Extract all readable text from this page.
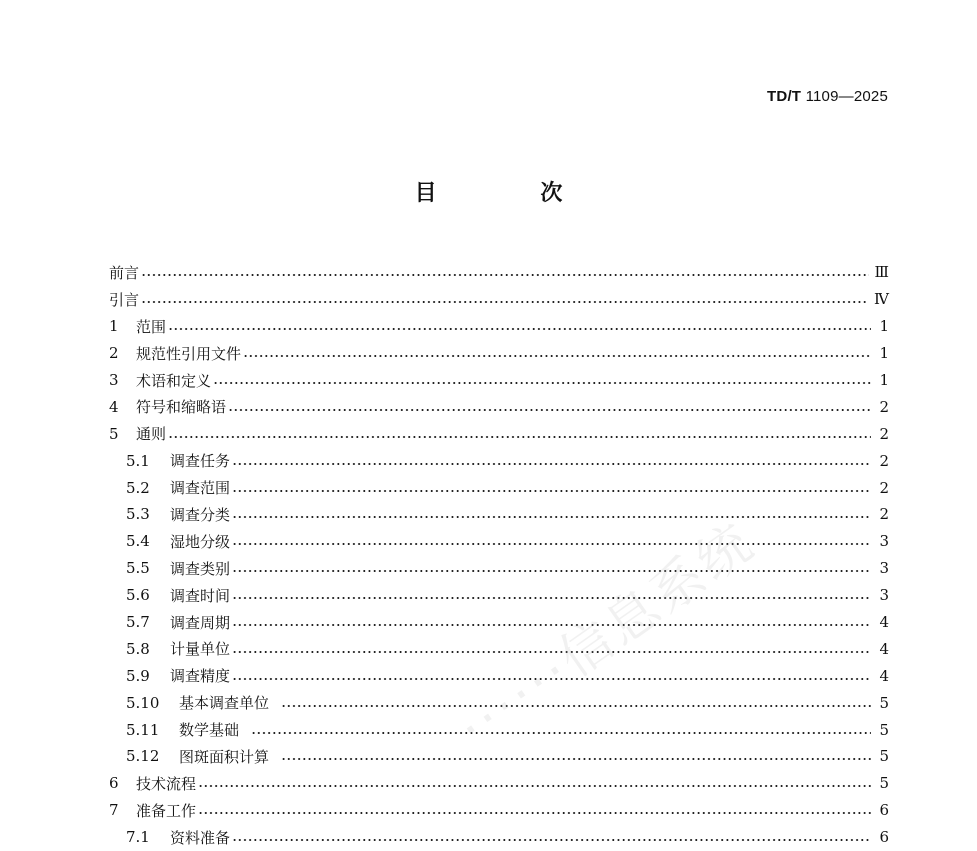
TD/T 1109—2025
目 次
前言	Ⅲ
引言	Ⅳ
1	范围	1
2	规范性引用文件	1
3	术语和定义	1
4	符号和缩略语	2
5	通则	2
5.1	调查任务	2
5.2	调查范围	2
5.3	调查分类	2
5.4	湿地分级	3
5.5	调查类别	3
5.6	调查时间	3
5.7	调查周期	4
5.8	计量单位	4
5.9	调查精度	4
5.10	基本调查单位	5
5.11	数学基础	5
5.12	图斑面积计算	5
6	技术流程	5
7	准备工作	6
7.1	资料准备	6
······信息系统
